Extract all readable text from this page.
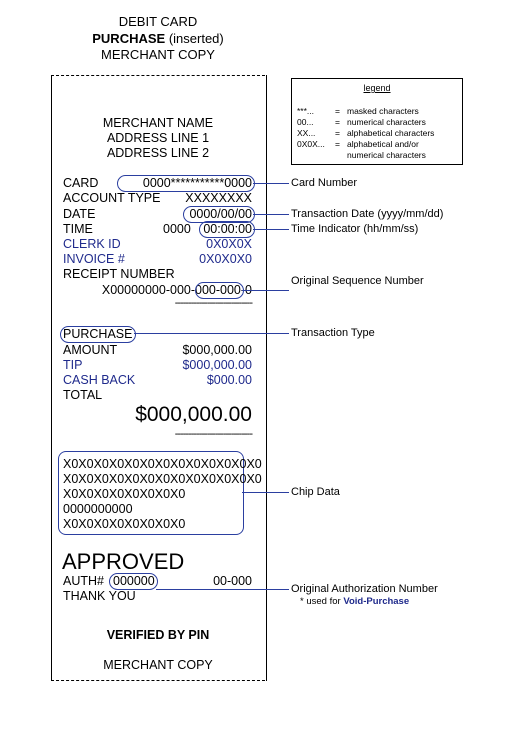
DEBIT CARD
PURCHASE (inserted)
MERCHANT COPY
MERCHANT NAME
ADDRESS LINE 1
ADDRESS LINE 2
CARD	0000***********0000
ACCOUNT TYPE	XXXXXXXX
DATE	0000/00/00
TIME	0000	00:00:00
CLERK ID	0X0X0X
INVOICE #	0X0X0X0
RECEIPT NUMBER
X00000000-000-000-000-0
-----------------------------
PURCHASE
AMOUNT	$000,000.00
TIP	$000,000.00
CASH BACK	$000.00
TOTAL
$000,000.00
-----------------------------
X0X0X0X0X0X0X0X0X0X0X0X0X0
X0X0X0X0X0X0X0X0X0X0X0X0X0
X0X0X0X0X0X0X0X0
0000000000
X0X0X0X0X0X0X0X0
APPROVED
AUTH# 000000	00-000
THANK YOU
VERIFIED BY PIN
MERCHANT COPY
Card Number
Transaction Date (yyyy/mm/dd)
Time Indicator (hh/mm/ss)
Original Sequence Number
Transaction Type
Chip Data
Original Authorization Number
* used for Void-Purchase
legend
***... = masked characters
00...	= numerical characters
XX... = alphabetical characters
0X0X... = alphabetical and/or
numerical characters
